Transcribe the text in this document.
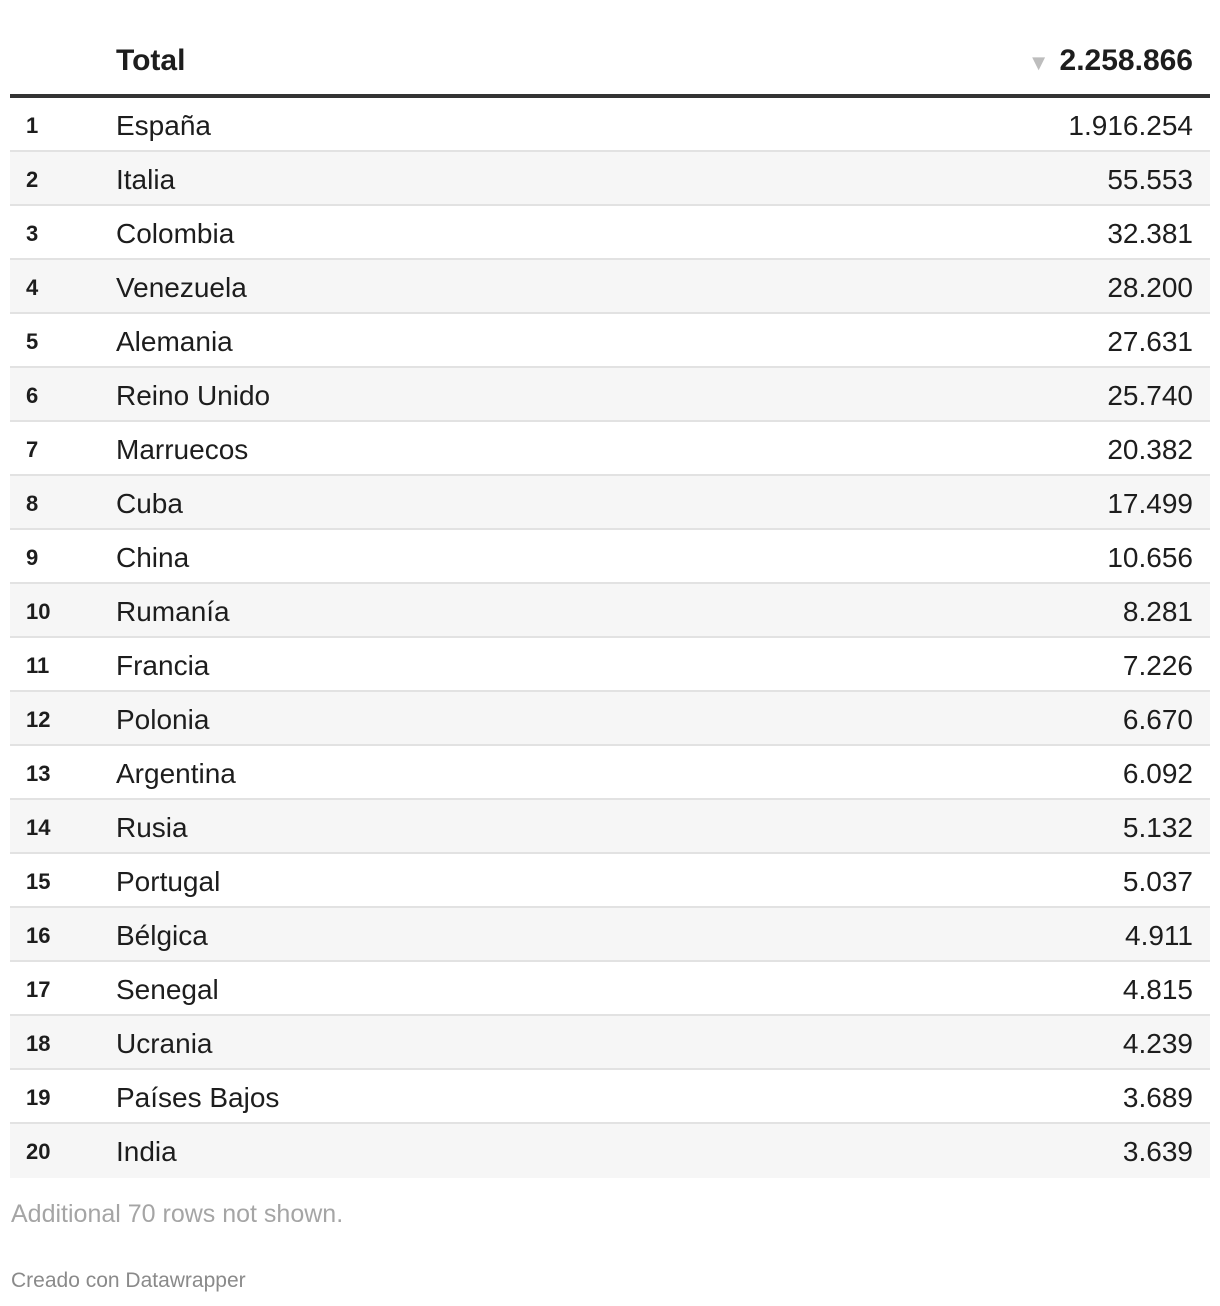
Total	▼ 2.258.866
1	España	1.916.254
2	Italia	55.553
3	Colombia	32.381
4	Venezuela	28.200
5	Alemania	27.631
6	Reino Unido	25.740
7	Marruecos	20.382
8	Cuba	17.499
9	China	10.656
10 Rumanía	8.281
11 Francia	7.226
12 Polonia	6.670
13 Argentina	6.092
14 Rusia	5.132
15 Portugal	5.037
16 Bélgica	4.911
17 Senegal	4.815
18 Ucrania	4.239
19 Países Bajos	3.689
20 India	3.639
Additional 70 rows not shown.
Creado con Datawrapper
